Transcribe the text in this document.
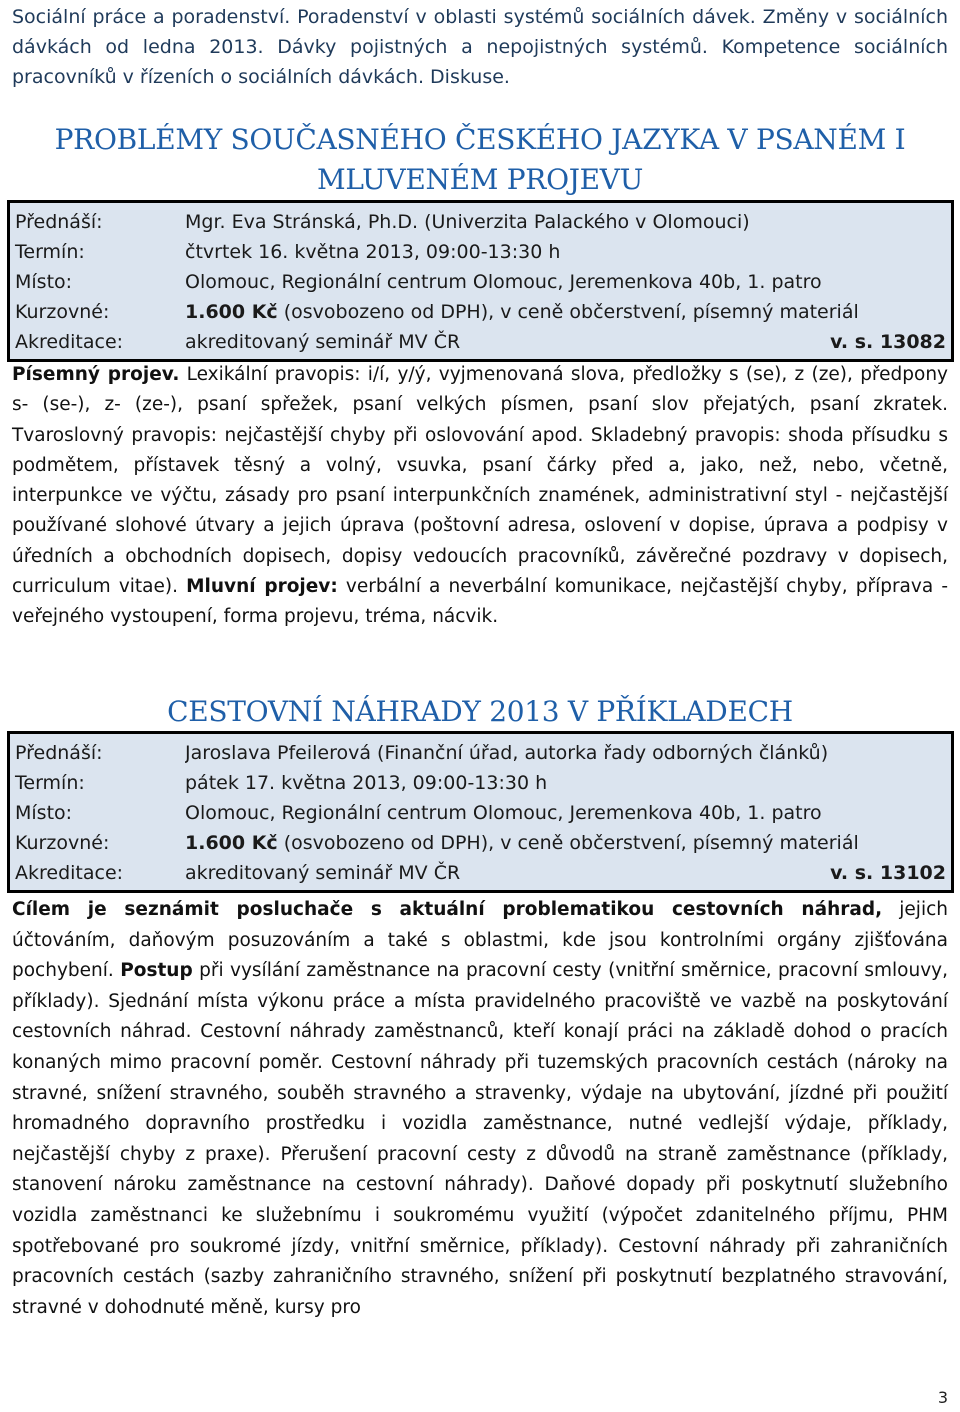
Sociální práce a poradenství. Poradenství v oblasti systémů sociálních dávek. Změny v sociálních dávkách od ledna 2013. Dávky pojistných a nepojistných systémů. Kompetence sociálních pracovníků v řízeních o sociálních dávkách. Diskuse.

PROBLÉMY SOUČASNÉHO ČESKÉHO JAZYKA V PSANÉM I
MLUVENÉM PROJEVU
Přednáší:	Mgr. Eva Stránská, Ph.D. (Univerzita Palackého v Olomouci)
Termín:	čtvrtek 16. května 2013, 09:00-13:30 h
Místo:	Olomouc, Regionální centrum Olomouc, Jeremenkova 40b, 1. patro
Kurzovné:	1.600 Kč (osvobozeno od DPH), v ceně občerstvení, písemný materiál
Akreditace:	akreditovaný seminář MV ČR	v. s. 13082
Písemný projev. Lexikální pravopis: i/í, y/ý, vyjmenovaná slova, předložky s (se), z (ze), předpony s- (se-), z- (ze-), psaní spřežek, psaní velkých písmen, psaní slov přejatých, psaní zkratek. Tvaroslovný pravopis: nejčastější chyby při oslovování apod. Skladebný pravopis: shoda přísudku s podmětem, přístavek těsný a volný, vsuvka, psaní čárky před a, jako, než, nebo, včetně, interpunkce ve výčtu, zásady pro psaní interpunkčních znamének, administrativní styl - nejčastější používané slohové útvary a jejich úprava (poštovní adresa, oslovení v dopise, úprava a podpisy v úředních a obchodních dopisech, dopisy vedoucích pracovníků, závěrečné pozdravy v dopisech, curriculum vitae). Mluvní projev: verbální a neverbální komunikace, nejčastější chyby, příprava - veřejného vystoupení, forma projevu, tréma, nácvik.
CESTOVNÍ NÁHRADY 2013 V PŘÍKLADECH
Přednáší:	Jaroslava Pfeilerová (Finanční úřad, autorka řady odborných článků)
Termín:	pátek 17. května 2013, 09:00-13:30 h
Místo:	Olomouc, Regionální centrum Olomouc, Jeremenkova 40b, 1. patro
Kurzovné:	1.600 Kč (osvobozeno od DPH), v ceně občerstvení, písemný materiál
Akreditace:	akreditovaný seminář MV ČR	v. s. 13102
Cílem je seznámit posluchače s aktuální problematikou cestovních náhrad, jejich účtováním, daňovým posuzováním a také s oblastmi, kde jsou kontrolními orgány zjišťována pochybení. Postup při vysílání zaměstnance na pracovní cesty (vnitřní směrnice, pracovní smlouvy, příklady). Sjednání místa výkonu práce a místa pravidelného pracoviště ve vazbě na poskytování cestovních náhrad. Cestovní náhrady zaměstnanců, kteří konají práci na základě dohod o pracích konaných mimo pracovní poměr. Cestovní náhrady při tuzemských pracovních cestách (nároky na stravné, snížení stravného, souběh stravného a stravenky, výdaje na ubytování, jízdné při použití hromadného dopravního prostředku i vozidla zaměstnance, nutné vedlejší výdaje, příklady, nejčastější chyby z praxe). Přerušení pracovní cesty z důvodů na straně zaměstnance (příklady, stanovení nároku zaměstnance na cestovní náhrady). Daňové dopady při poskytnutí služebního vozidla zaměstnanci ke služebnímu i soukromému využití (výpočet zdanitelného příjmu, PHM spotřebované pro soukromé jízdy, vnitřní směrnice, příklady). Cestovní náhrady při zahraničních pracovních cestách (sazby zahraničního stravného, snížení při poskytnutí bezplatného stravování, stravné v dohodnuté měně, kursy pro
3
